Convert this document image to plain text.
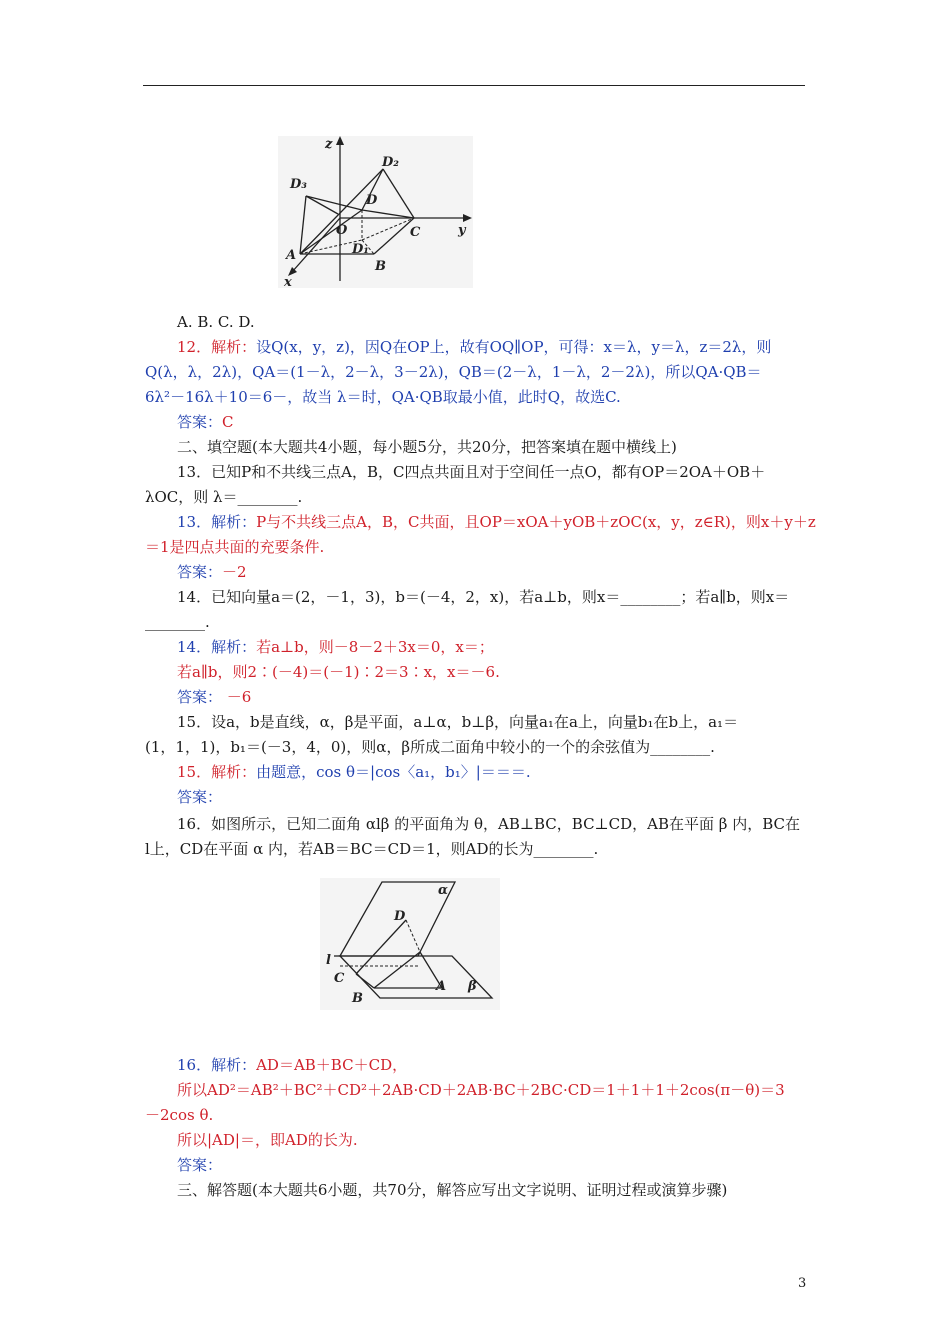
z
D₂
D₃
D
O	C	y
D₁
A
B
x
A. B. C. D.
12．解析：设Q(x，y，z)，因Q在OP上，故有OQ∥OP，可得：x＝λ，y＝λ，z＝2λ，则
Q(λ，λ，2λ)，QA＝(1－λ，2－λ，3－2λ)，QB＝(2－λ，1－λ，2－2λ)，所以QA·QB＝
6λ²－16λ＋10＝6－，故当 λ＝时，QA·QB取最小值，此时Q，故选C.
答案：C
二、填空题(本大题共4小题，每小题5分，共20分，把答案填在题中横线上)
13．已知P和不共线三点A，B，C四点共面且对于空间任一点O，都有OP＝2OA＋OB＋
λOC，则 λ＝________.
13．解析：P与不共线三点A，B，C共面，且OP＝xOA＋yOB＋zOC(x，y，z∈R)，则x＋y＋z
＝1是四点共面的充要条件.
答案：－2
14．已知向量a＝(2，－1，3)，b＝(－4，2，x)，若a⊥b，则x＝________；若a∥b，则x＝
________.
14．解析：若a⊥b，则－8－2＋3x＝0，x＝；
若a∥b，则2∶(－4)＝(－1)∶2＝3∶x，x＝－6.
答案： －6
15．设a，b是直线，α，β是平面，a⊥α，b⊥β，向量a₁在a上，向量b₁在b上，a₁＝
(1，1，1)，b₁＝(－3，4，0)，则α，β所成二面角中较小的一个的余弦值为________.
15．解析：由题意，cos θ＝|cos〈a₁，b₁〉|＝＝＝.
答案：
16．如图所示，已知二面角 αlβ 的平面角为 θ，AB⊥BC，BC⊥CD，AB在平面 β 内，BC在
l上，CD在平面 α 内，若AB＝BC＝CD＝1，则AD的长为________.
α
D
l
C
B
A β
16．解析：AD＝AB＋BC＋CD，
所以AD²＝AB²＋BC²＋CD²＋2AB·CD＋2AB·BC＋2BC·CD＝1＋1＋1＋2cos(π－θ)＝3
－2cos θ.
所以|AD|＝，即AD的长为.
答案：
三、解答题(本大题共6小题，共70分，解答应写出文字说明、证明过程或演算步骤)
3
